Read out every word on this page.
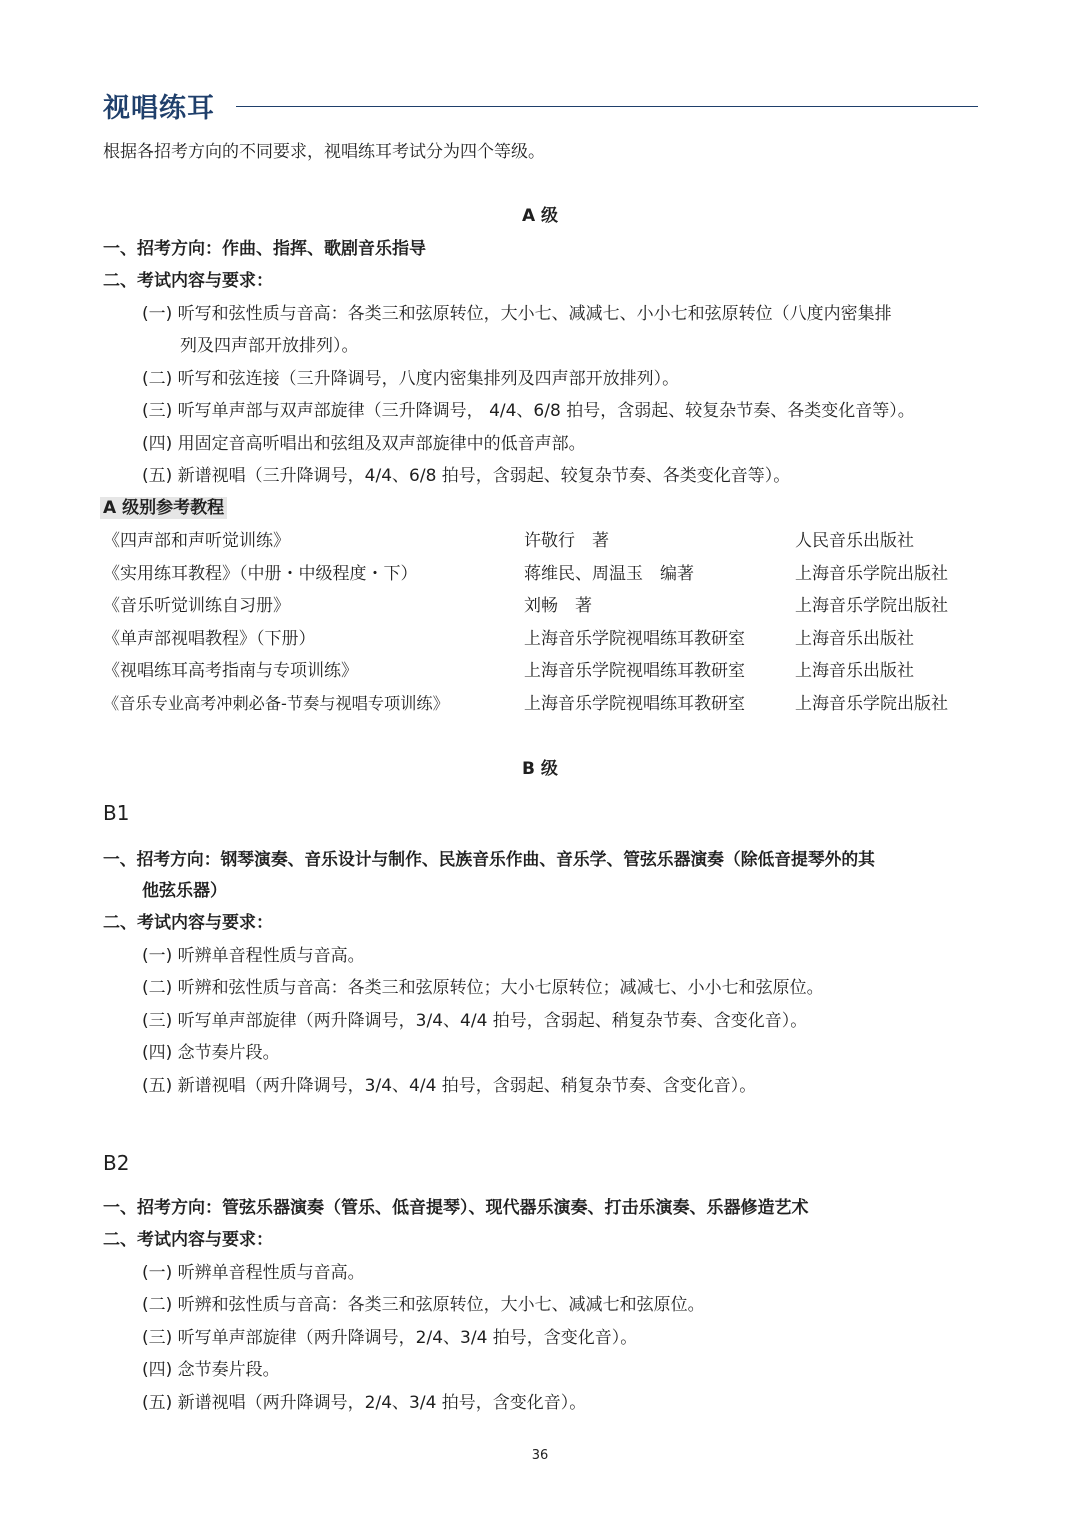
视唱练耳
根据各招考方向的不同要求，视唱练耳考试分为四个等级。
A 级
一、招考方向：作曲、指挥、歌剧音乐指导
二、考试内容与要求：
(一) 听写和弦性质与音高：各类三和弦原转位，大小七、减减七、小小七和弦原转位（八度内密集排
列及四声部开放排列）。
(二) 听写和弦连接（三升降调号，八度内密集排列及四声部开放排列）。
(三) 听写单声部与双声部旋律（三升降调号， 4/4、6/8 拍号，含弱起、较复杂节奏、各类变化音等）。
(四) 用固定音高听唱出和弦组及双声部旋律中的低音声部。
(五) 新谱视唱（三升降调号，4/4、6/8 拍号，含弱起、较复杂节奏、各类变化音等）。
A 级别参考教程
《四声部和声听觉训练》	许敬行　著	人民音乐出版社
《实用练耳教程》（中册・中级程度・下）	蒋维民、周温玉　编著	上海音乐学院出版社
《音乐听觉训练自习册》	刘畅　著	上海音乐学院出版社
《单声部视唱教程》（下册）	上海音乐学院视唱练耳教研室	上海音乐出版社
《视唱练耳高考指南与专项训练》	上海音乐学院视唱练耳教研室	上海音乐出版社
《音乐专业高考冲刺必备-节奏与视唱专项训练》	上海音乐学院视唱练耳教研室	上海音乐学院出版社
B 级
B1
一、招考方向：钢琴演奏、音乐设计与制作、民族音乐作曲、音乐学、管弦乐器演奏（除低音提琴外的其
他弦乐器）
二、考试内容与要求：
(一) 听辨单音程性质与音高。
(二) 听辨和弦性质与音高：各类三和弦原转位；大小七原转位；减减七、小小七和弦原位。
(三) 听写单声部旋律（两升降调号，3/4、4/4 拍号，含弱起、稍复杂节奏、含变化音）。
(四) 念节奏片段。
(五) 新谱视唱（两升降调号，3/4、4/4 拍号，含弱起、稍复杂节奏、含变化音）。
B2
一、招考方向：管弦乐器演奏（管乐、低音提琴）、现代器乐演奏、打击乐演奏、乐器修造艺术
二、考试内容与要求：
(一) 听辨单音程性质与音高。
(二) 听辨和弦性质与音高：各类三和弦原转位，大小七、减减七和弦原位。
(三) 听写单声部旋律（两升降调号，2/4、3/4 拍号，含变化音）。
(四) 念节奏片段。
(五) 新谱视唱（两升降调号，2/4、3/4 拍号，含变化音）。
36
